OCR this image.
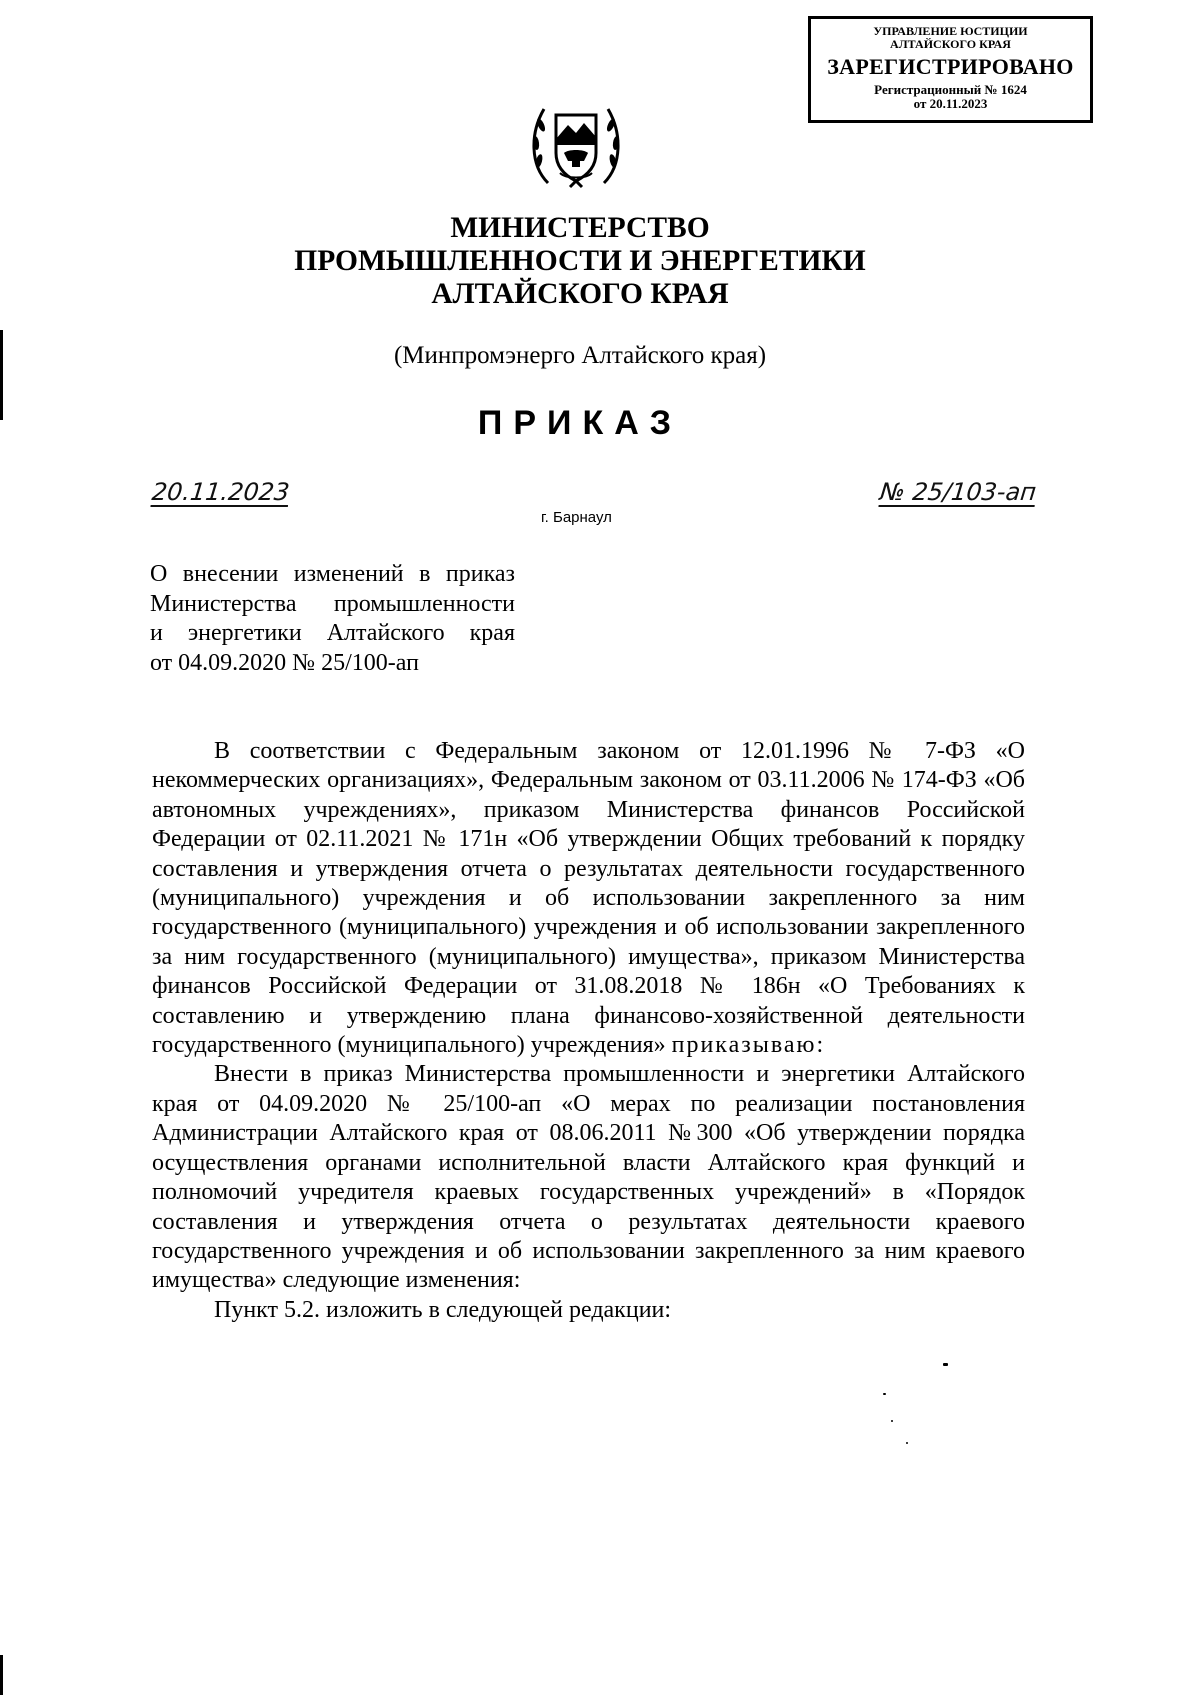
УПРАВЛЕНИЕ ЮСТИЦИИ
АЛТАЙСКОГО КРАЯ
ЗАРЕГИСТРИРОВАНО
Регистрационный № 1624
от 20.11.2023
МИНИСТЕРСТВО
ПРОМЫШЛЕННОСТИ И ЭНЕРГЕТИКИ
АЛТАЙСКОГО КРАЯ
(Минпромэнерго Алтайского края)
ПРИКАЗ
20.11.2023	№ 25/103-ап
г. Барнаул
О внесении изменений в приказ
Министерства промышленности
и энергетики Алтайского края
от 04.09.2020 № 25/100-ап

В соответствии с Федеральным законом от 12.01.1996 № 7-ФЗ «О некоммерческих организациях», Федеральным законом от 03.11.2006 № 174-ФЗ «Об автономных учреждениях», приказом Министерства финансов Российской Федерации от 02.11.2021 № 171н «Об утверждении Общих требований к порядку составления и утверждения отчета о результатах деятельности государственного (муниципального) учреждения и об использовании закрепленного за ним государственного (муниципального) учреждения и об использовании закрепленного за ним государственного (муниципального) имущества», приказом Министерства финансов Российской Федерации от 31.08.2018 № 186н «О Требованиях к составлению и утверждению плана финансово-хозяйственной деятельности государственного (муниципального) учреждения» приказываю:

Внести в приказ Министерства промышленности и энергетики Алтайского края от 04.09.2020 № 25/100-ап «О мерах по реализации постановления Администрации Алтайского края от 08.06.2011 №300 «Об утверждении порядка осуществления органами исполнительной власти Алтайского края функций и полномочий учредителя краевых государственных учреждений» в «Порядок составления и утверждения отчета о результатах деятельности краевого государственного учреждения и об использовании закрепленного за ним краевого имущества» следующие изменения:

Пункт 5.2. изложить в следующей редакции:
